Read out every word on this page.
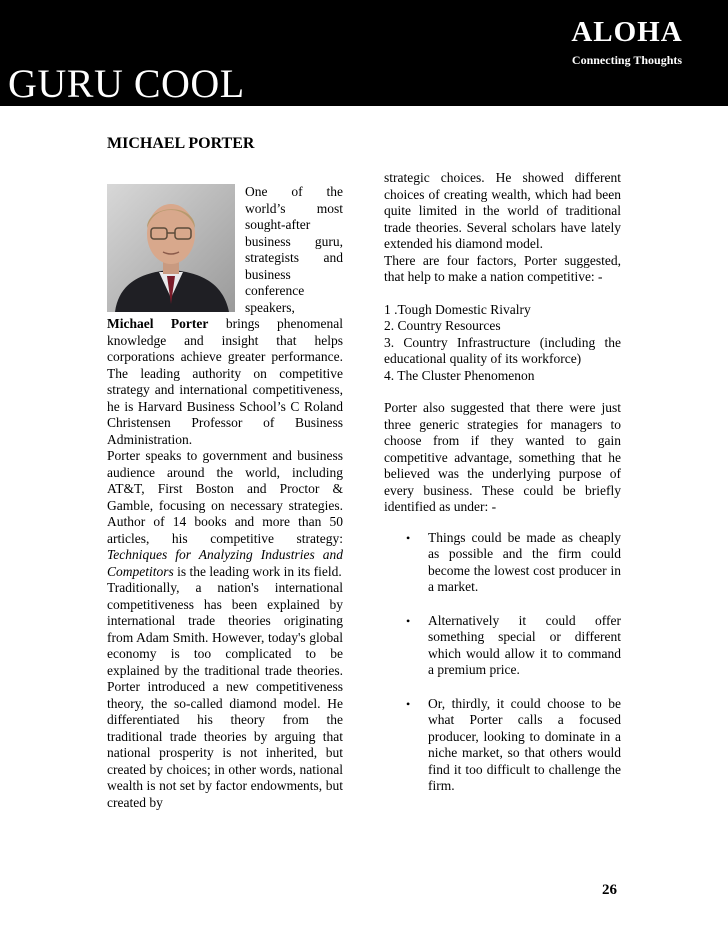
ALOHA
Connecting Thoughts
GURU COOL
MICHAEL PORTER
One of the world’s most sought-after business guru, strategists and business conference speakers,

Michael Porter brings phenomenal knowledge and insight that helps corporations achieve greater performance. The leading authority on competitive strategy and international competitiveness, he is Harvard Business School’s C Roland Christensen Professor of Business Administration.

Porter speaks to government and business audience around the world, including AT&T, First Boston and Proctor & Gamble, focusing on necessary strategies. Author of 14 books and more than 50 articles, his competitive strategy: Techniques for Analyzing Industries and Competitors is the leading work in its field.

Traditionally, a nation's international competitiveness has been explained by international trade theories originating from Adam Smith. However, today's global economy is too complicated to be explained by the traditional trade theories. Porter introduced a new competitiveness theory, the so-called diamond model. He differentiated his theory from the traditional trade theories by arguing that national prosperity is not inherited, but created by choices; in other words, national wealth is not set by factor endowments, but created by

strategic choices. He showed different choices of creating wealth, which had been quite limited in the world of traditional trade theories. Several scholars have lately extended his diamond model.

There are four factors, Porter suggested, that help to make a nation competitive: -

1 .Tough Domestic Rivalry

2. Country Resources

3. Country Infrastructure (including the educational quality of its workforce)

4. The Cluster Phenomenon

Porter also suggested that there were just three generic strategies for managers to choose from if they wanted to gain competitive advantage, something that he believed was the underlying purpose of every business. These could be briefly identified as under: -

• Things could be made as cheaply as possible and the firm could become the lowest cost producer in a market.
• Alternatively it could offer something special or different which would allow it to command a premium price.
• Or, thirdly, it could choose to be what Porter calls a focused producer, looking to dominate in a niche market, so that others would find it too difficult to challenge the firm.
26
